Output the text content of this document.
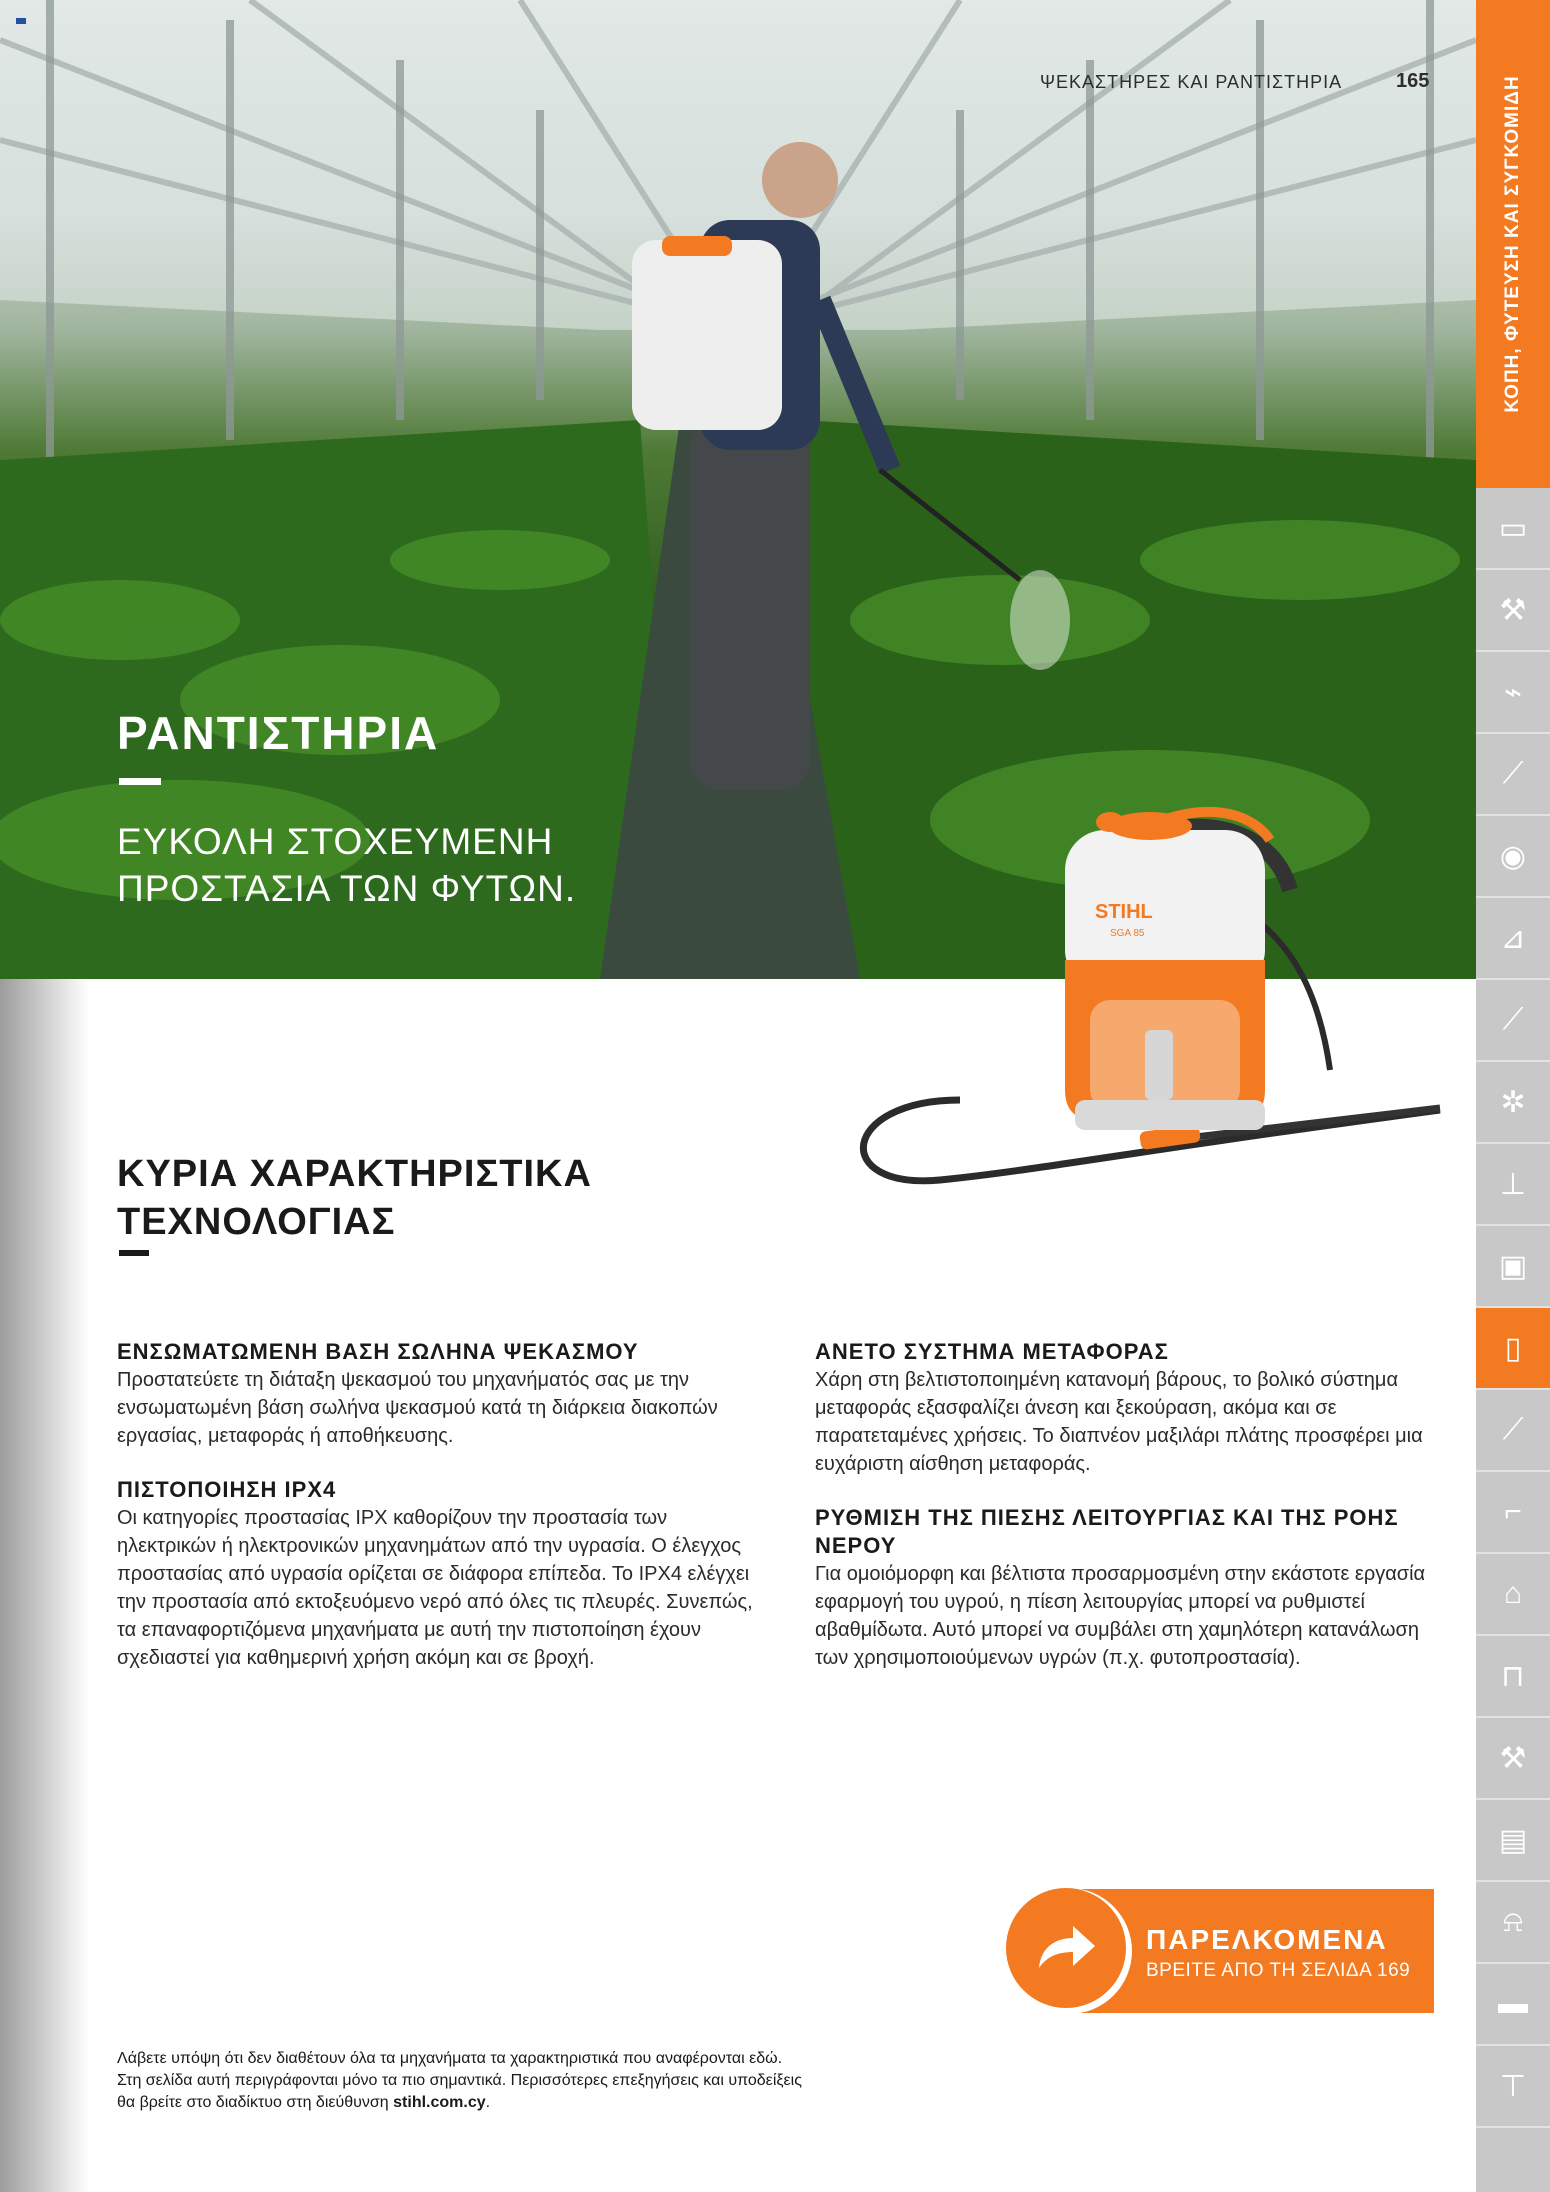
ΨΕΚΑΣΤΗΡΕΣ ΚΑΙ ΡΑΝΤΙΣΤΗΡΙΑ	165
ΡΑΝΤΙΣΤΗΡΙΑ
ΕΥΚΟΛΗ ΣΤΟΧΕΥΜΕΝΗ
ΠΡΟΣΤΑΣΙΑ ΤΩΝ ΦΥΤΩΝ.
STIHL
SGA 85
ΚΟΠΗ, ΦΥΤΕΥΣΗ ΚΑΙ ΣΥΓΚΟΜΙΔΗ
▭
⚒
⌁
⟋
◉
⊿
⟋
✲
⊥
▣
▯
⟋
⌐
⌂
⊓
⚒
▤
⍾
▬
⊤
ΚΥΡΙΑ ΧΑΡΑΚΤΗΡΙΣΤΙΚΑ
ΤΕΧΝΟΛΟΓΙΑΣ
ΕΝΣΩΜΑΤΩΜΕΝΗ ΒΑΣΗ ΣΩΛΗΝΑ ΨΕΚΑΣΜΟΥ

Προστατεύετε τη διάταξη ψεκασμού του μηχανήματός σας με την ενσωματωμένη βάση σωλήνα ψεκασμού κατά τη διάρκεια διακοπών εργασίας, μεταφοράς ή αποθήκευσης.

ΠΙΣΤΟΠΟΙΗΣΗ IPX4

Οι κατηγορίες προστασίας IPX καθορίζουν την προστασία των ηλεκτρικών ή ηλεκτρονικών μηχανημάτων από την υγρασία. Ο έλεγχος προστασίας από υγρασία ορίζεται σε διάφορα επίπεδα. Το IPX4 ελέγχει την προστασία από εκτοξευόμενο νερό από όλες τις πλευρές. Συνεπώς, τα επαναφορτιζόμενα μηχανήματα με αυτή την πιστοποίηση έχουν σχεδιαστεί για καθημερινή χρήση ακόμη και σε βροχή.

ΑΝΕΤΟ ΣΥΣΤΗΜΑ ΜΕΤΑΦΟΡΑΣ

Χάρη στη βελτιστοποιημένη κατανομή βάρους, το βολικό σύστημα μεταφοράς εξασφαλίζει άνεση και ξεκούραση, ακόμα και σε παρατεταμένες χρήσεις. Το διαπνέον μαξιλάρι πλάτης προσφέρει μια ευχάριστη αίσθηση μεταφοράς.

ΡΥΘΜΙΣΗ ΤΗΣ ΠΙΕΣΗΣ ΛΕΙΤΟΥΡΓΙΑΣ ΚΑΙ ΤΗΣ ΡΟΗΣ ΝΕΡΟΥ

Για ομοιόμορφη και βέλτιστα προσαρμοσμένη στην εκάστοτε εργασία εφαρμογή του υγρού, η πίεση λειτουργίας μπορεί να ρυθμιστεί αβαθμίδωτα. Αυτό μπορεί να συμβάλει στη χαμηλότερη κατανάλωση των χρησιμοποιούμενων υγρών (π.χ. φυτοπροστασία).

ΠΑΡΕΛΚΟΜΕΝΑ
ΒΡΕΙΤΕ ΑΠΟ ΤΗ ΣΕΛΙΔΑ 169
Λάβετε υπόψη ότι δεν διαθέτουν όλα τα μηχανήματα τα χαρακτηριστικά που αναφέρονται εδώ.
Στη σελίδα αυτή περιγράφονται μόνο τα πιο σημαντικά. Περισσότερες επεξηγήσεις και υποδείξεις
θα βρείτε στο διαδίκτυο στη διεύθυνση stihl.com.cy.
